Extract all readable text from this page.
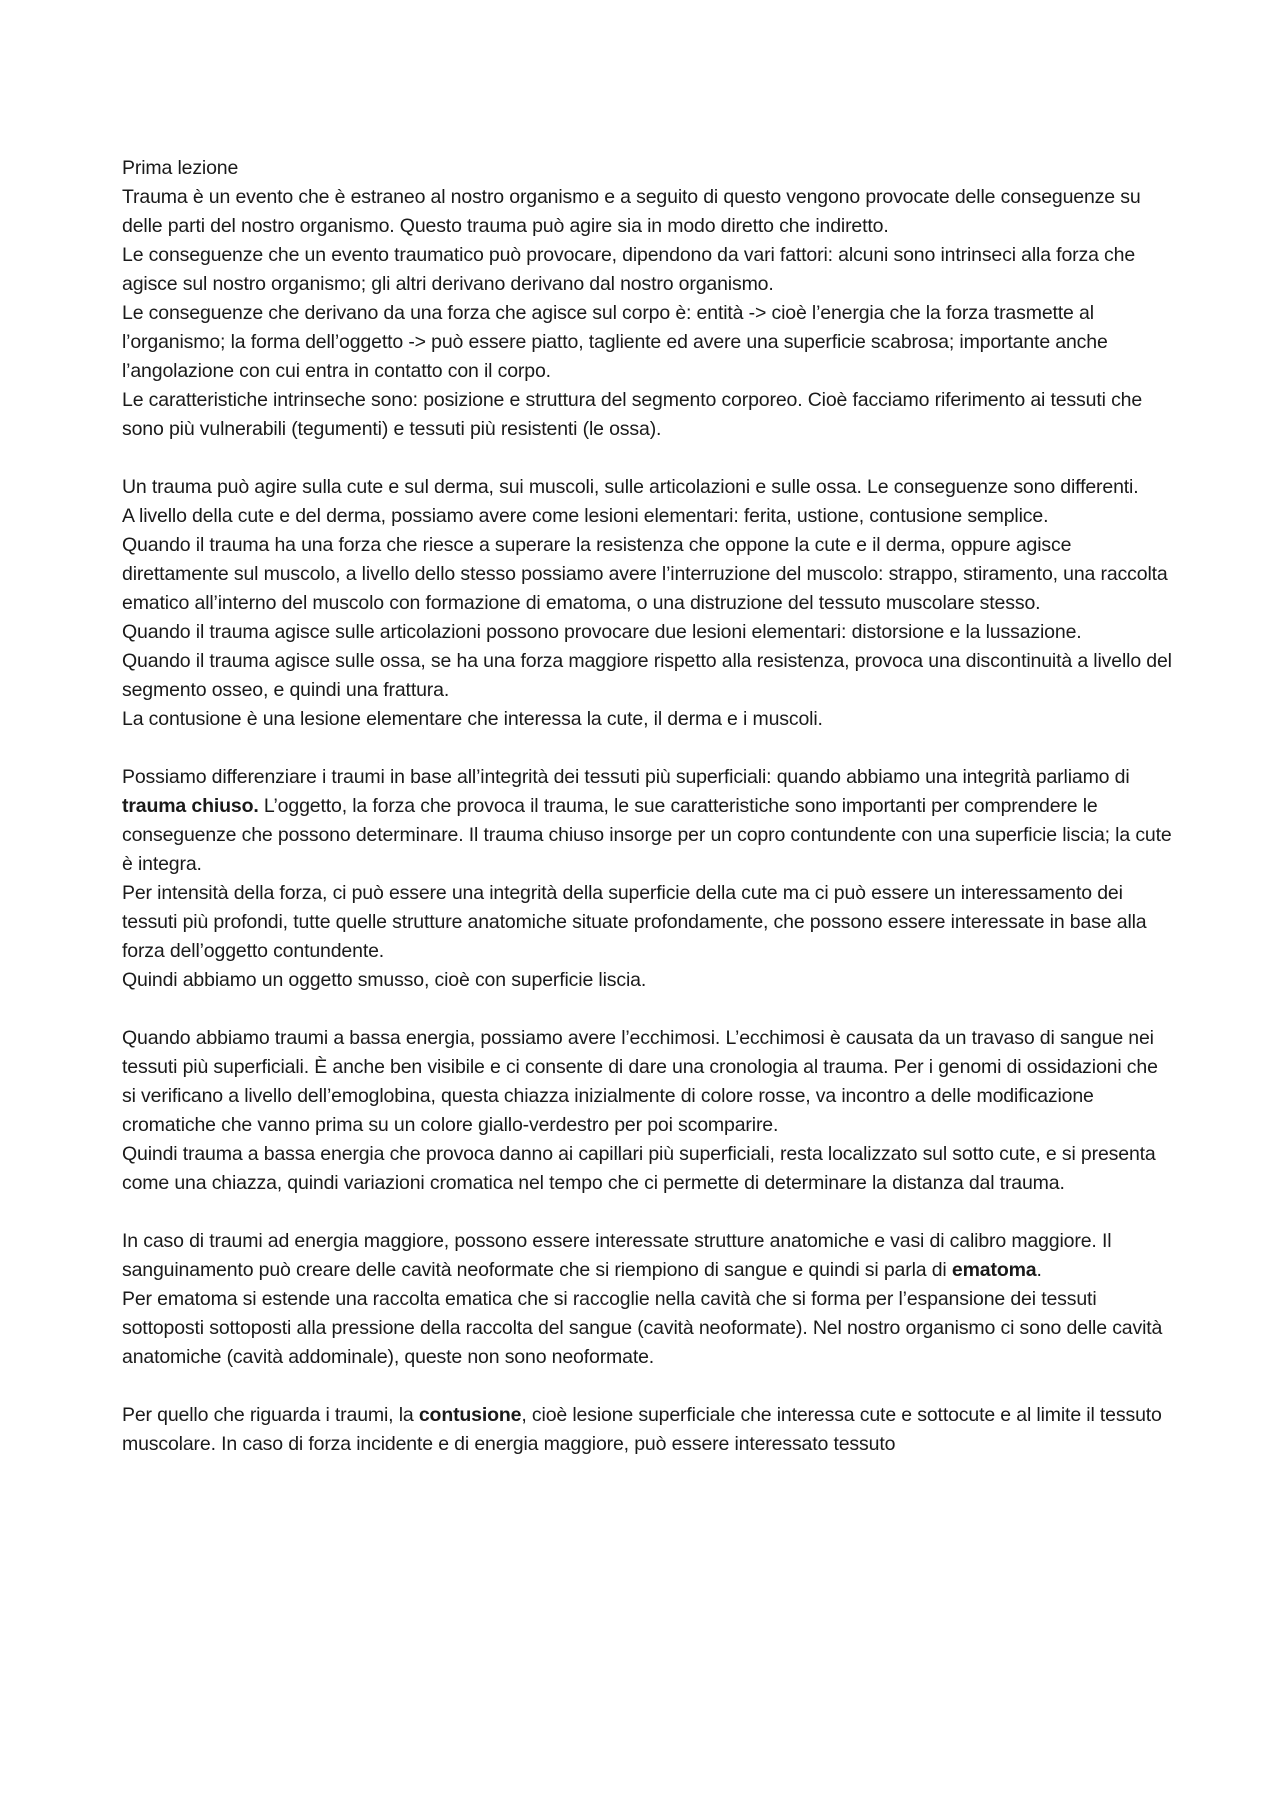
Prima lezione

Trauma è un evento che è estraneo al nostro organismo e a seguito di questo vengono provocate delle conseguenze su delle parti del nostro organismo. Questo trauma può agire sia in modo diretto che indiretto.

Le conseguenze che un evento traumatico può provocare, dipendono da vari fattori: alcuni sono intrinseci alla forza che agisce sul nostro organismo; gli altri derivano derivano dal nostro organismo.

Le conseguenze che derivano da una forza che agisce sul corpo è: entità -> cioè l’energia che la forza trasmette al l’organismo; la forma dell’oggetto -> può essere piatto, tagliente ed avere una superficie scabrosa; importante anche l’angolazione con cui entra in contatto con il corpo.

Le caratteristiche intrinseche sono: posizione e struttura del segmento corporeo. Cioè facciamo riferimento ai tessuti che sono più vulnerabili (tegumenti) e tessuti più resistenti (le ossa).

Un trauma può agire sulla cute e sul derma, sui muscoli, sulle articolazioni e sulle ossa. Le conseguenze sono differenti.

A livello della cute e del derma, possiamo avere come lesioni elementari: ferita, ustione, contusione semplice.

Quando il trauma ha una forza che riesce a superare la resistenza che oppone la cute e il derma, oppure agisce direttamente sul muscolo, a livello dello stesso possiamo avere l’interruzione del muscolo: strappo, stiramento, una raccolta ematico all’interno del muscolo con formazione di ematoma, o una distruzione del tessuto muscolare stesso.

Quando il trauma agisce sulle articolazioni possono provocare due lesioni elementari: distorsione e la lussazione.

Quando il trauma agisce sulle ossa, se ha una forza maggiore rispetto alla resistenza, provoca una discontinuità a livello del segmento osseo, e quindi una frattura.

La contusione è una lesione elementare che interessa la cute, il derma e i muscoli.

Possiamo differenziare i traumi in base all’integrità dei tessuti più superficiali: quando abbiamo una integrità parliamo di trauma chiuso. L’oggetto, la forza che provoca il trauma, le sue caratteristiche sono importanti per comprendere le conseguenze che possono determinare. Il trauma chiuso insorge per un copro contundente con una superficie liscia; la cute è integra.

Per intensità della forza, ci può essere una integrità della superficie della cute ma ci può essere un interessamento dei tessuti più profondi, tutte quelle strutture anatomiche situate profondamente, che possono essere interessate in base alla forza dell’oggetto contundente.

Quindi abbiamo un oggetto smusso, cioè con superficie liscia.

Quando abbiamo traumi a bassa energia, possiamo avere l’ecchimosi. L’ecchimosi è causata da un travaso di sangue nei tessuti più superficiali. È anche ben visibile e ci consente di dare una cronologia al trauma. Per i genomi di ossidazioni che si verificano a livello dell’emoglobina, questa chiazza inizialmente di colore rosse, va incontro a delle modificazione cromatiche che vanno prima su un colore giallo-verdestro per poi scomparire.

Quindi trauma a bassa energia che provoca danno ai capillari più superficiali, resta localizzato sul sotto cute, e si presenta come una chiazza, quindi variazioni cromatica nel tempo che ci permette di determinare la distanza dal trauma.

In caso di traumi ad energia maggiore, possono essere interessate strutture anatomiche e vasi di calibro maggiore. Il sanguinamento può creare delle cavità neoformate che si riempiono di sangue e quindi si parla di ematoma.

Per ematoma si estende una raccolta ematica che si raccoglie nella cavità che si forma per l’espansione dei tessuti sottoposti sottoposti alla pressione della raccolta del sangue (cavità neoformate). Nel nostro organismo ci sono delle cavità anatomiche (cavità addominale), queste non sono neoformate.

Per quello che riguarda i traumi, la contusione, cioè lesione superficiale che interessa cute e sottocute e al limite il tessuto muscolare. In caso di forza incidente e di energia maggiore, può essere interessato tessuto
